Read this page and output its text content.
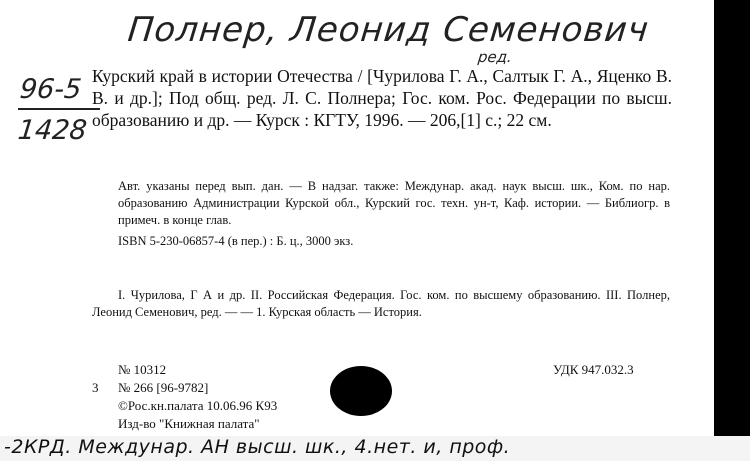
Полнер, Леонид Семенович
ред.
96-5
1428

Курский край в истории Отечества / [Чурилова Г. А., Салтык Г. А., Яценко В. В. и др.]; Под общ. ред. Л. С. Полнера; Гос. ком. Рос. Федерации по высш. образованию и др. — Курск : КГТУ, 1996. — 206,[1] с.; 22 см.

Авт. указаны перед вып. дан. — В надзаг. также: Междунар. акад. наук высш. шк., Ком. по нар. образованию Администрации Курской обл., Курский гос. техн. ун-т, Каф. истории. — Библиогр. в примеч. в конце глав.

ISBN 5-230-06857-4 (в пер.) : Б. ц., 3000 экз.

I. Чурилова, Г А и др. II. Российская Федерация. Гос. ком. по высшему образованию. III. Полнер, Леонид Семенович, ред. — — 1. Курская область — История.

№ 10312	УДК 947.032.3
3 № 266 [96-9782]
©Рос.кн.палата 10.06.96 К93
Изд-во "Книжная палата"
-2КРД. Междунар. АН высш. шк., 4.нет. и, проф.
